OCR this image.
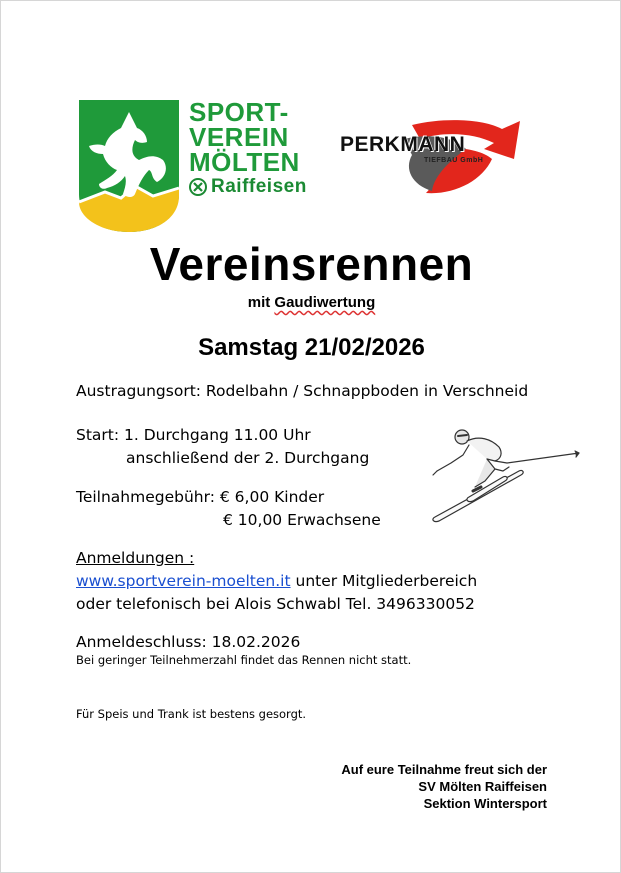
SPORT-
VEREIN
MÖLTEN
Raiffeisen
PERKMANN
TIEFBAU GmbH
Vereinsrennen
mit Gaudiwertung
Samstag 21/02/2026
Austragungsort: Rodelbahn / Schnappboden in Verschneid
Start: 1. Durchgang 11.00 Uhr
anschließend der 2. Durchgang
Teilnahmegebühr: € 6,00 Kinder
€ 10,00 Erwachsene
Anmeldungen :
www.sportverein-moelten.it unter Mitgliederbereich
oder telefonisch bei Alois Schwabl Tel. 3496330052
Anmeldeschluss: 18.02.2026
Bei geringer Teilnehmerzahl findet das Rennen nicht statt.
Für Speis und Trank ist bestens gesorgt.
Auf eure Teilnahme freut sich der
SV Mölten Raiffeisen
Sektion Wintersport
